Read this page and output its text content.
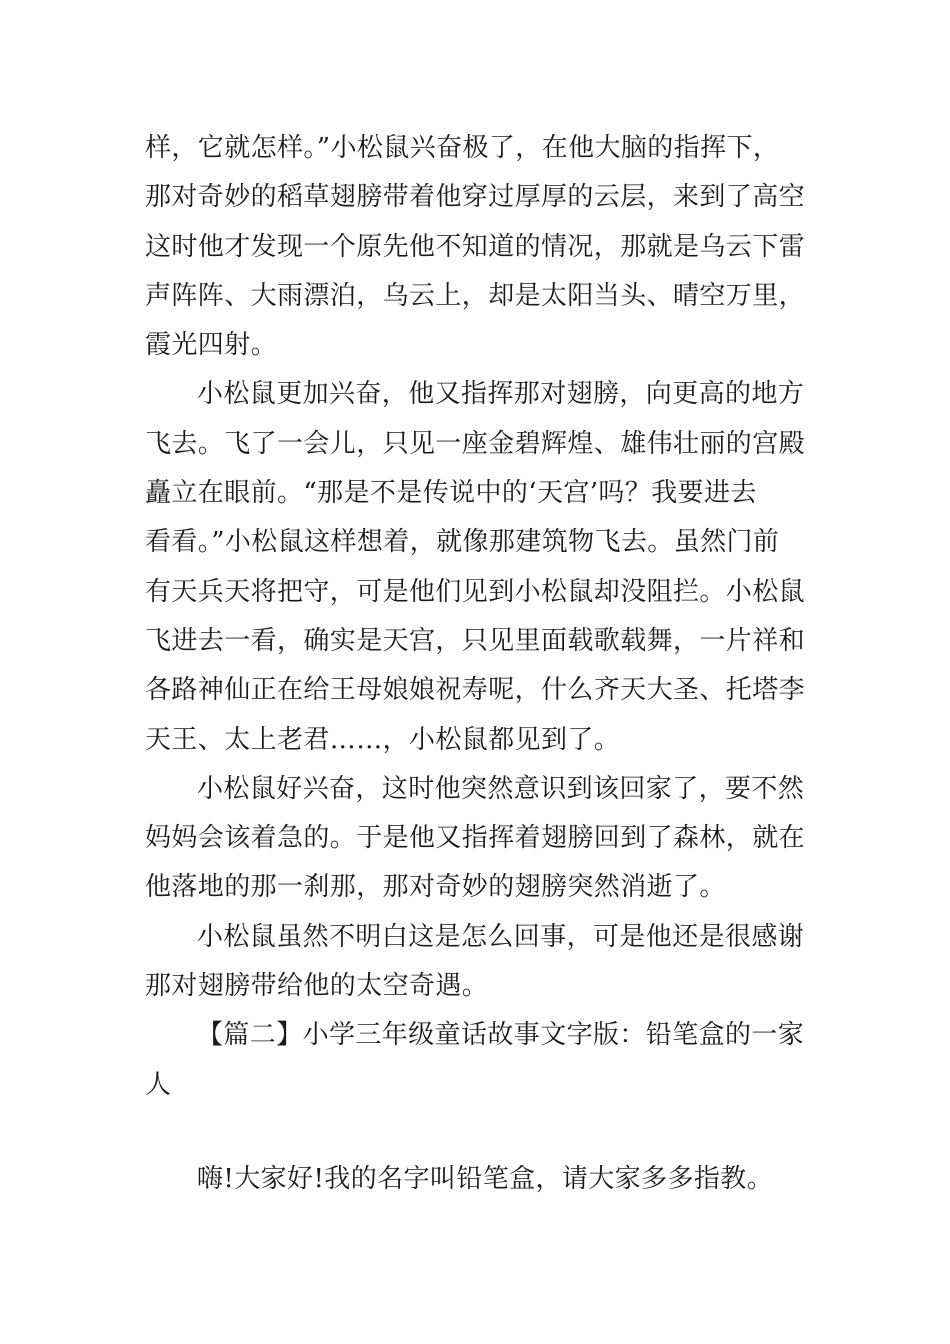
样，它就怎样。”小松鼠兴奋极了，在他大脑的指挥下，
那对奇妙的稻草翅膀带着他穿过厚厚的云层，来到了高空
这时他才发现一个原先他不知道的情况，那就是乌云下雷
声阵阵、大雨漂泊，乌云上，却是太阳当头、晴空万里，
霞光四射。
小松鼠更加兴奋，他又指挥那对翅膀，向更高的地方
飞去。飞了一会儿，只见一座金碧辉煌、雄伟壮丽的宫殿
矗立在眼前。“那是不是传说中的‘天宫’吗？我要进去
看看。”小松鼠这样想着，就像那建筑物飞去。虽然门前
有天兵天将把守，可是他们见到小松鼠却没阻拦。小松鼠
飞进去一看，确实是天宫，只见里面载歌载舞，一片祥和
各路神仙正在给王母娘娘祝寿呢，什么齐天大圣、托塔李
天王、太上老君……，小松鼠都见到了。
小松鼠好兴奋，这时他突然意识到该回家了，要不然
妈妈会该着急的。于是他又指挥着翅膀回到了森林，就在
他落地的那一刹那，那对奇妙的翅膀突然消逝了。
小松鼠虽然不明白这是怎么回事，可是他还是很感谢
那对翅膀带给他的太空奇遇。
【篇二】小学三年级童话故事文字版：铅笔盒的一家
人
嗨!大家好!我的名字叫铅笔盒，请大家多多指教。
